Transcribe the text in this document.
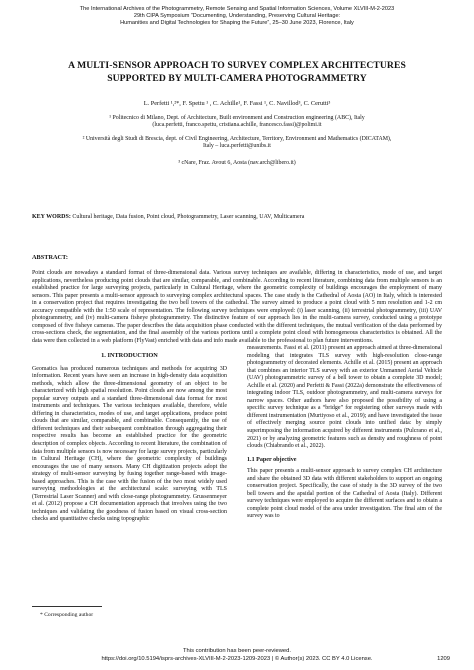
The International Archives of the Photogrammetry, Remote Sensing and Spatial Information Sciences, Volume XLVIII-M-2-2023
29th CIPA Symposium “Documenting, Understanding, Preserving Cultural Heritage:
Humanities and Digital Technologies for Shaping the Future”, 25–30 June 2023, Florence, Italy
A MULTI-SENSOR APPROACH TO SURVEY COMPLEX ARCHITECTURES
SUPPORTED BY MULTI-CAMERA PHOTOGRAMMETRY
L. Perfetti ¹,²*, F. Spettu ¹ , C. Achille¹, F. Fassi ¹, C. Navillod³, C. Cerutti³
¹ Politecnico di Milano, Dept. of Architecture, Built environment and Construction engineering (ABC), Italy
(luca.perfetti, franco.spettu, cristiana.achille, francesco.fassi)@polimi.it
² Università degli Studi di Brescia, dept. of Civil Engineering, Architecture, Territory, Environment and Mathematics (DICATAM),
Italy – luca.perfetti@unibs.it
³ cNare, Fraz. Avout 6, Aosta (nav.arch@libero.it)
KEY WORDS: Cultural heritage, Data fusion, Point cloud, Photogrammetry, Laser scanning, UAV, Multicamera
ABSTRACT:
Point clouds are nowadays a standard format of three-dimensional data. Various survey techniques are available, differing in characteristics, mode of use, and target applications, nevertheless producing point clouds that are similar, comparable, and combinable. According to recent literature, combining data from multiple sensors is an established practice for large surveying projects, particularly in Cultural Heritage, where the geometric complexity of buildings encourages the employment of many sensors. This paper presents a multi-sensor approach to surveying complex architectural spaces. The case study is the Cathedral of Aosta (AO) in Italy, which is interested in a conservation project that requires investigating the two bell towers of the cathedral. The survey aimed to produce a point cloud with 5 mm resolution and 1-2 cm accuracy compatible with the 1:50 scale of representation. The following survey techniques were employed: (i) laser scanning, (ii) terrestrial photogrammetry, (iii) UAV photogrammetry, and (iv) multi-camera fisheye photogrammetry. The distinctive feature of our approach lies in the multi-camera survey, conducted using a prototype composed of five fisheye cameras. The paper describes the data acquisition phase conducted with the different techniques, the mutual verification of the data performed by cross-sections check, the segmentation, and the final assembly of the various portions until a complete point cloud with homogeneous characteristics is obtained. All the data were then collected in a web platform (FlyVast) enriched with data and info made available to the professional to plan future interventions.
1. INTRODUCTION

Geomatics has produced numerous techniques and methods for acquiring 3D information. Recent years have seen an increase in high-density data acquisition methods, which allow the three-dimensional geometry of an object to be characterized with high spatial resolution. Point clouds are now among the most popular survey outputs and a standard three-dimensional data format for most instruments and techniques. The various techniques available, therefore, while differing in characteristics, modes of use, and target applications, produce point clouds that are similar, comparable, and combinable. Consequently, the use of different techniques and their subsequent combination through aggregating their respective results has become an established practice for the geometric description of complex objects. According to recent literature, the combination of data from multiple sensors is now necessary for large survey projects, particularly in Cultural Heritage (CH), where the geometric complexity of buildings encourages the use of many sensors. Many CH digitization projects adopt the strategy of multi-sensor surveying by fusing together range-based with image-based approaches. This is the case with the fusion of the two most widely used surveying methodologies at the architectural scale: surveying with TLS (Terrestrial Laser Scanner) and with close-range photogrammetry. Grussenmeyer et al. (2012) propose a CH documentation approach that involves using the two techniques and validating the goodness of fusion based on visual cross-section checks and quantitative checks using topographic

measurements. Fassi et al. (2011) present an approach aimed at three-dimensional modeling that integrates TLS survey with high-resolution close-range photogrammetry of decorated elements. Achille et al. (2015) present an approach that combines an interior TLS survey with an exterior Unmanned Aerial Vehicle (UAV) photogrammetric survey of a bell tower to obtain a complete 3D model; Achille et al. (2020) and Perfetti & Fassi (2022a) demonstrate the effectiveness of integrating indoor TLS, outdoor photogrammetry, and multi-camera surveys for narrow spaces. Other authors have also proposed the possibility of using a specific survey technique as a “bridge” for registering other surveys made with different instrumentation (Murtiyoso et al., 2019); and have investigated the issue of effectively merging source point clouds into unified data: by simply superimposing the information acquired by different instruments (Pulcrano et al., 2021) or by analyzing geometric features such as density and roughness of point clouds (Chiabrando et al., 2022).

1.1 Paper objective

This paper presents a multi-sensor approach to survey complex CH architecture and share the obtained 3D data with different stakeholders to support an ongoing conservation project. Specifically, the case of study is the 3D survey of the two bell towers and the apsidal portion of the Cathedral of Aosta (Italy). Different survey techniques were employed to acquire the different surfaces and to obtain a complete point cloud model of the area under investigation. The final aim of the survey was to

* Corresponding author
This contribution has been peer-reviewed.
https://doi.org/10.5194/isprs-archives-XLVIII-M-2-2023-1209-2023 | © Author(s) 2023. CC BY 4.0 License.	1209
